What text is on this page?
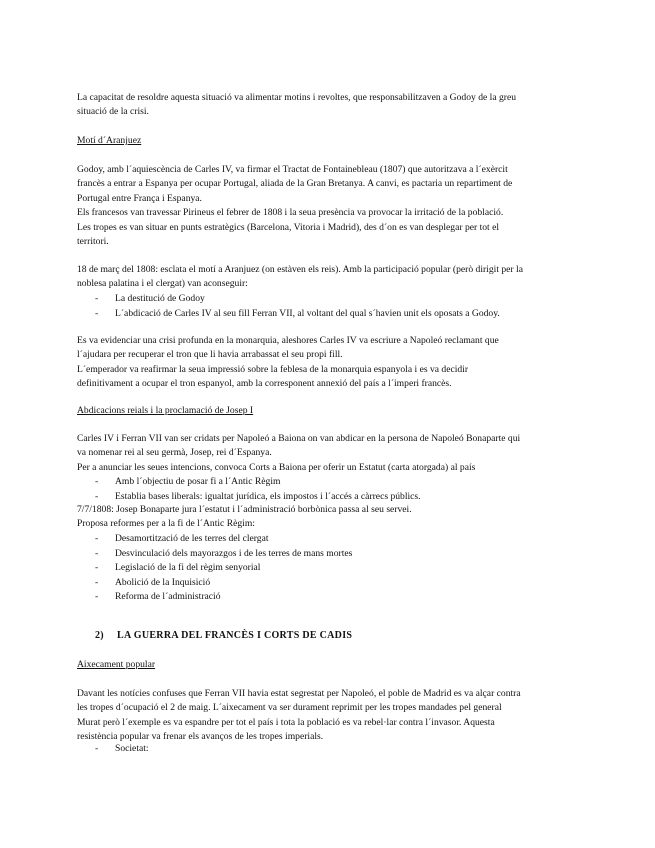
La capacitat de resoldre aquesta situació va alimentar motins i revoltes, que responsabilitzaven a Godoy de la greu
situació de la crisi.
Motí d´Aranjuez
Godoy, amb l´aquiescència de Carles IV, va firmar el Tractat de Fontainebleau (1807) que autoritzava a l´exèrcit
francès a entrar a Espanya per ocupar Portugal, aliada de la Gran Bretanya. A canvi, es pactaria un repartiment de
Portugal entre França i Espanya.
Els francesos van travessar Pirineus el febrer de 1808 i la seua presència va provocar la irritació de la població.
Les tropes es van situar en punts estratègics (Barcelona, Vitoria i Madrid), des d´on es van desplegar per tot el
territori.
18 de març del 1808: esclata el motí a Aranjuez (on estàven els reis). Amb la participació popular (però dirigit per la
noblesa palatina i el clergat) van aconseguir:
- La destitució de Godoy
- L´abdicació de Carles IV al seu fill Ferran VII, al voltant del qual s´havien unit els oposats a Godoy.
Es va evidenciar una crisi profunda en la monarquia, aleshores Carles IV va escriure a Napoleó reclamant que
l´ajudara per recuperar el tron que li havia arrabassat el seu propi fill.
L´emperador va reafirmar la seua impressió sobre la feblesa de la monarquia espanyola i es va decidir
definitivament a ocupar el tron espanyol, amb la corresponent annexió del país a l´imperi francès.
Abdicacions reials i la proclamació de Josep I
Carles IV i Ferran VII van ser cridats per Napoleó a Baiona on van abdicar en la persona de Napoleó Bonaparte qui
va nomenar rei al seu germà, Josep, rei d´Espanya.
Per a anunciar les seues intencions, convoca Corts a Baiona per oferir un Estatut (carta atorgada) al país
- Amb l´objectiu de posar fi a l´Antic Règim
- Establia bases liberals: igualtat jurídica, els impostos i l´accés a càrrecs públics.
7/7/1808: Josep Bonaparte jura l´estatut i l´administració borbònica passa al seu servei.
Proposa reformes per a la fi de l´Antic Règim:
- Desamortització de les terres del clergat
- Desvinculació dels mayorazgos i de les terres de mans mortes
- Legislació de la fi del règim senyorial
- Abolició de la Inquisició
- Reforma de l´administració
2) LA GUERRA DEL FRANCÈS I CORTS DE CADIS
Aixecament popular
Davant les notícies confuses que Ferran VII havia estat segrestat per Napoleó, el poble de Madrid es va alçar contra
les tropes d´ocupació el 2 de maig. L´aixecament va ser durament reprimit per les tropes mandades pel general
Murat però l´exemple es va espandre per tot el país i tota la població es va rebel·lar contra l´invasor. Aquesta
resistència popular va frenar els avanços de les tropes imperials.
- Societat:
